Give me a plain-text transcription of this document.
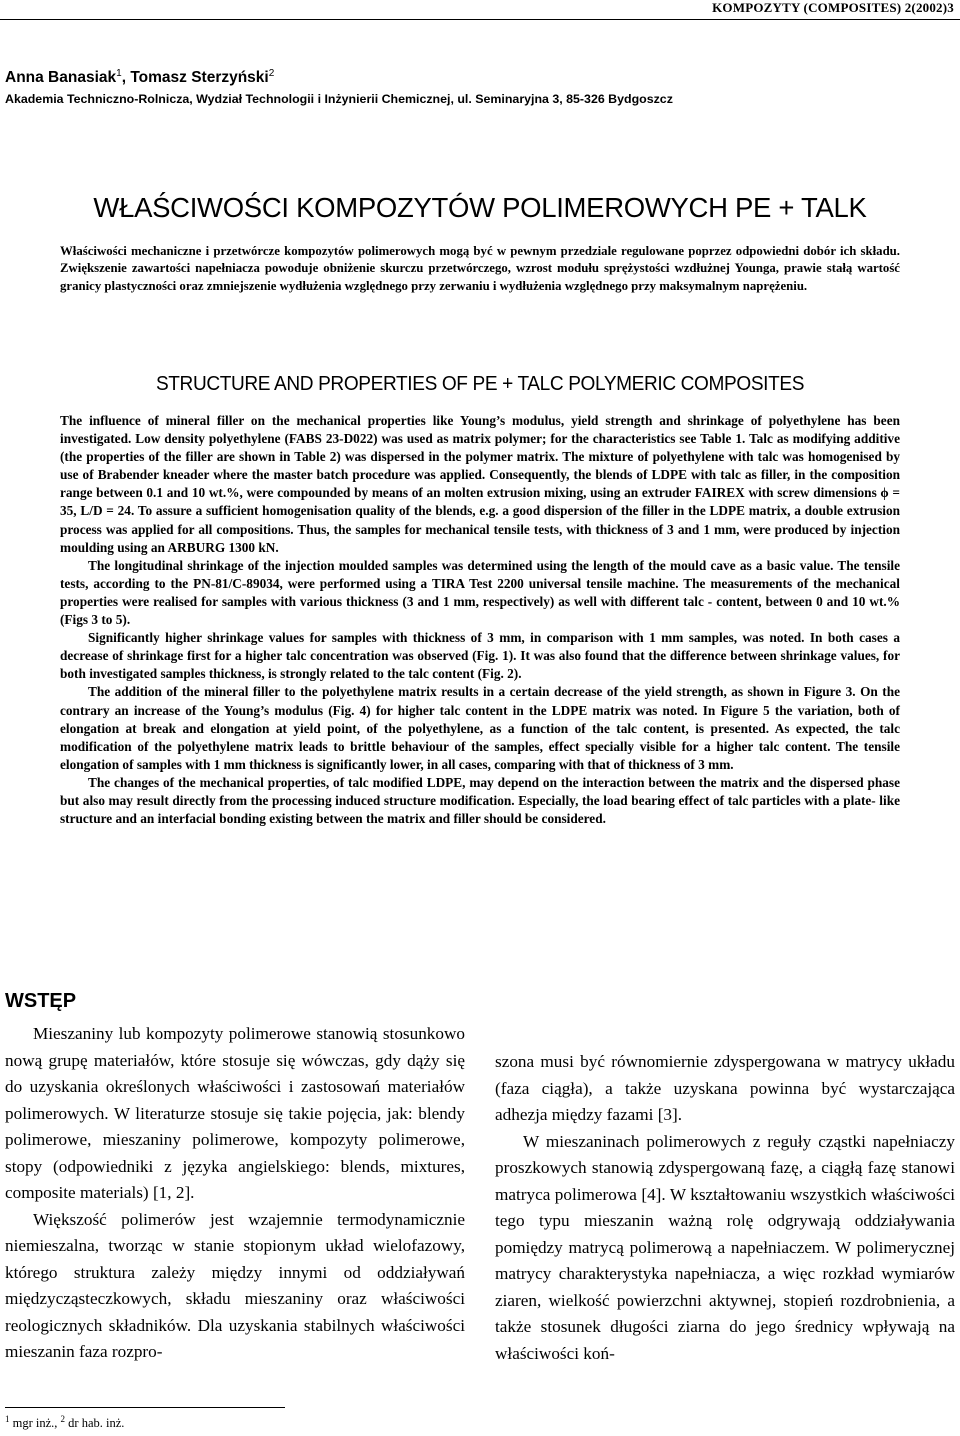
KOMPOZYTY (COMPOSITES) 2(2002)3
Anna Banasiak$^1$, Tomasz Sterzyński$^2$
Akademia Techniczno-Rolnicza, Wydział Technologii i Inżynierii Chemicznej, ul. Seminaryjna 3, 85-326 Bydgoszcz
WŁAŚCIWOŚCI KOMPOZYTÓW POLIMEROWYCH PE + TALK

Właściwości mechaniczne i przetwórcze kompozytów polimerowych mogą być w pewnym przedziale regulowane poprzez odpowiedni dobór ich składu. Zwiększenie zawartości napełniacza powoduje obniżenie skurczu przetwórczego, wzrost modułu sprężystości wzdłużnej Younga, prawie stałą wartość granicy plastyczności oraz zmniejszenie wydłużenia względnego przy zerwaniu i wydłużenia względnego przy maksymalnym naprężeniu.

STRUCTURE AND PROPERTIES OF PE + TALC POLYMERIC COMPOSITES

The influence of mineral filler on the mechanical properties like Young’s modulus, yield strength and shrinkage of polyethylene has been investigated. Low density polyethylene (FABS 23-D022) was used as matrix polymer; for the characteristics see Table 1. Talc as modifying additive (the properties of the filler are shown in Table 2) was dispersed in the polymer matrix. The mixture of polyethylene with talc was homogenised by use of Brabender kneader where the master batch procedure was applied. Consequently, the blends of LDPE with talc as filler, in the composition range between 0.1 and 10 wt.%, were compounded by means of an molten extrusion mixing, using an extruder FAIREX with screw dimensions ϕ = 35, L/D = 24. To assure a sufficient homogenisation quality of the blends, e.g. a good dispersion of the filler in the LDPE matrix, a double extrusion process was applied for all compositions. Thus, the samples for mechanical tensile tests, with thickness of 3 and 1 mm, were produced by injection moulding using an ARBURG 1300 kN.

The longitudinal shrinkage of the injection moulded samples was determined using the length of the mould cave as a basic value. The tensile tests, according to the PN-81/C-89034, were performed using a TIRA Test 2200 universal tensile machine. The measurements of the mechanical properties were realised for samples with various thickness (3 and 1 mm, respectively) as well with different talc - content, between 0 and 10 wt.% (Figs 3 to 5).

Significantly higher shrinkage values for samples with thickness of 3 mm, in comparison with 1 mm samples, was noted. In both cases a decrease of shrinkage first for a higher talc concentration was observed (Fig. 1). It was also found that the difference between shrinkage values, for both investigated samples thickness, is strongly related to the talc content (Fig. 2).

The addition of the mineral filler to the polyethylene matrix results in a certain decrease of the yield strength, as shown in Figure 3. On the contrary an increase of the Young’s modulus (Fig. 4) for higher talc content in the LDPE matrix was noted. In Figure 5 the variation, both of elongation at break and elongation at yield point, of the polyethylene, as a function of the talc content, is presented. As expected, the talc modification of the polyethylene matrix leads to brittle behaviour of the samples, effect specially visible for a higher talc content. The tensile elongation of samples with 1 mm thickness is significantly lower, in all cases, comparing with that of thickness of 3 mm.

The changes of the mechanical properties, of talc modified LDPE, may depend on the interaction between the matrix and the dispersed phase but also may result directly from the processing induced structure modification. Especially, the load bearing effect of talc particles with a plate- like structure and an interfacial bonding existing between the matrix and filler should be considered.

WSTĘP

Mieszaniny lub kompozyty polimerowe stanowią stosunkowo nową grupę materiałów, które stosuje się wówczas, gdy dąży się do uzyskania określonych właściwości i zastosowań materiałów polimerowych. W literaturze stosuje się takie pojęcia, jak: blendy polimerowe, mieszaniny polimerowe, kompozyty polimerowe, stopy (odpowiedniki z języka angielskiego: blends, mixtures, composite materials) [1, 2].

Większość polimerów jest wzajemnie termodynamicznie niemieszalna, tworząc w stanie stopionym układ wielofazowy, którego struktura zależy między innymi od oddziaływań międzycząsteczkowych, składu mieszaniny oraz właściwości reologicznych składników. Dla uzyskania stabilnych właściwości mieszanin faza rozpro-

szona musi być równomiernie zdyspergowana w matrycy układu (faza ciągła), a także uzyskana powinna być wystarczająca adhezja między fazami [3].

W mieszaninach polimerowych z reguły cząstki napełniaczy proszkowych stanowią zdyspergowaną fazę, a ciągłą fazę stanowi matryca polimerowa [4]. W kształtowaniu wszystkich właściwości tego typu mieszanin ważną rolę odgrywają oddziaływania pomiędzy matrycą polimerową a napełniaczem. W polimerycznej matrycy charakterystyka napełniacza, a więc rozkład wymiarów ziaren, wielkość powierzchni aktywnej, stopień rozdrobnienia, a także stosunek długości ziarna do jego średnicy wpływają na właściwości koń-

$^1$ mgr inż., $^2$ dr hab. inż.
